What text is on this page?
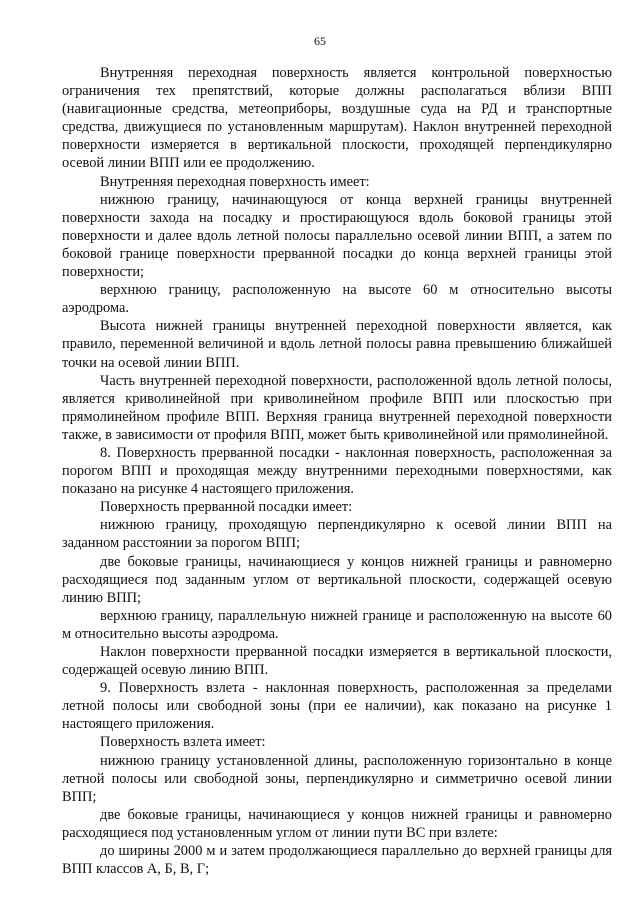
65

Внутренняя переходная поверхность является контрольной поверхностью ограничения тех препятствий, которые должны располагаться вблизи ВПП (навигационные средства, метеоприборы, воздушные суда на РД и транспортные средства, движущиеся по установленным маршрутам). Наклон внутренней переходной поверхности измеряется в вертикальной плоскости, проходящей перпендикулярно осевой линии ВПП или ее продолжению.

Внутренняя переходная поверхность имеет:

нижнюю границу, начинающуюся от конца верхней границы внутренней поверхности захода на посадку и простирающуюся вдоль боковой границы этой поверхности и далее вдоль летной полосы параллельно осевой линии ВПП, а затем по боковой границе поверхности прерванной посадки до конца верхней границы этой поверхности;

верхнюю границу, расположенную на высоте 60 м относительно высоты аэродрома.

Высота нижней границы внутренней переходной поверхности является, как правило, переменной величиной и вдоль летной полосы равна превышению ближайшей точки на осевой линии ВПП.

Часть внутренней переходной поверхности, расположенной вдоль летной полосы, является криволинейной при криволинейном профиле ВПП или плоскостью при прямолинейном профиле ВПП. Верхняя граница внутренней переходной поверхности также, в зависимости от профиля ВПП, может быть криволинейной или прямолинейной.

8. Поверхность прерванной посадки - наклонная поверхность, расположенная за порогом ВПП и проходящая между внутренними переходными поверхностями, как показано на рисунке 4 настоящего приложения.

Поверхность прерванной посадки имеет:

нижнюю границу, проходящую перпендикулярно к осевой линии ВПП на заданном расстоянии за порогом ВПП;

две боковые границы, начинающиеся у концов нижней границы и равномерно расходящиеся под заданным углом от вертикальной плоскости, содержащей осевую линию ВПП;

верхнюю границу, параллельную нижней границе и расположенную на высоте 60 м относительно высоты аэродрома.

Наклон поверхности прерванной посадки измеряется в вертикальной плоскости, содержащей осевую линию ВПП.

9. Поверхность взлета - наклонная поверхность, расположенная за пределами летной полосы или свободной зоны (при ее наличии), как показано на рисунке 1 настоящего приложения.

Поверхность взлета имеет:

нижнюю границу установленной длины, расположенную горизонтально в конце летной полосы или свободной зоны, перпендикулярно и симметрично осевой линии ВПП;

две боковые границы, начинающиеся у концов нижней границы и равномерно расходящиеся под установленным углом от линии пути ВС при взлете:

до ширины 2000 м и затем продолжающиеся параллельно до верхней границы для ВПП классов А, Б, В, Г;
